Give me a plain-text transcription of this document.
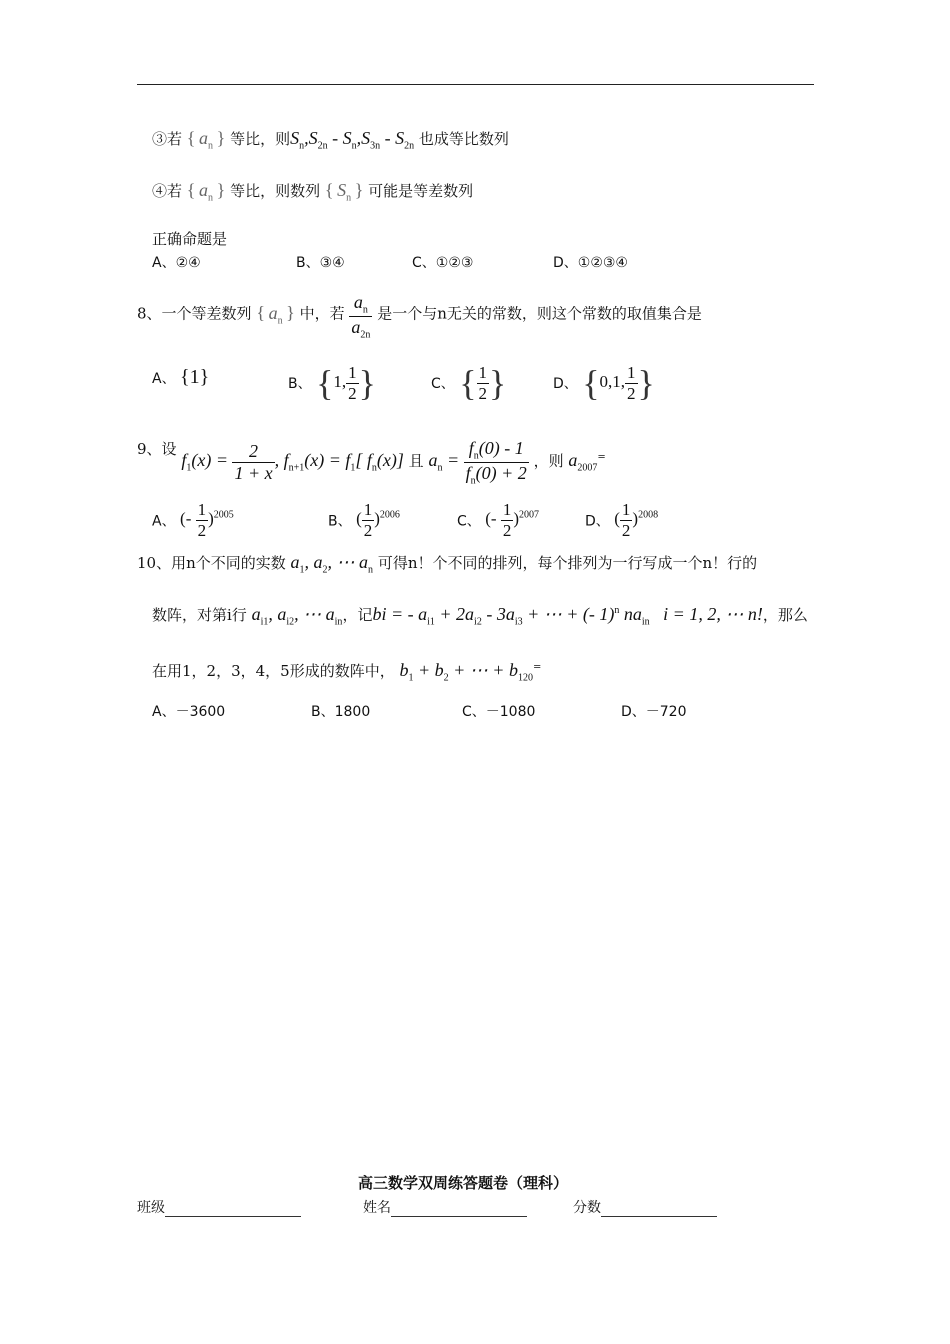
③若 { $a_n$ } 等比，则$S_n,S_{2n} - S_n,S_{3n} - S_{2n}$ 也成等比数列
④若 { $a_n$ } 等比，则数列 { $S_n$ } 可能是等差数列
正确命题是
A、②④	B、③④	C、①②③	D、①②③④
8、一个等差数列 { $a_n$ } 中，若 $\frac{a_n}{a_{2n}}$ 是一个与n无关的常数，则这个常数的取值集合是
A、 {1}	B、 {1, $\frac{1}{2}$ }	C、 { $\frac{1}{2}$ }	D、 {0,1, $\frac{1}{2}$ }
9、设 $f_1(x) = \frac{2}{1 + x}$ , $f_{n+1}(x) = f_1$[ $f_n(x)$] 且 $a_n = \frac{f_n(0) - 1}{f_n(0) + 2}$ ，则 $a_{2007}^=$
A、 (- $\frac{1}{2} )^{2005}$	B、 ( $\frac{1}{2} )^{2006}$	C、 (- $\frac{1}{2} )^{2007}$	D、 ( $\frac{1}{2} )^{2008}$
10、用n个不同的实数 $a_1$, $a_2$, ⋯ $a_n$ 可得n！个不同的排列，每个排列为一行写成一个n！行的
数阵，对第i行 $a_{i1}$, $a_{i2}$, ⋯ $a_{in}$，记bi = - $a_{i1} + 2a_{i2} - 3a_{i3}$ + ⋯ + (- 1)$^n$ $na_{in}$   i = 1, 2, ⋯ n!，那么
在用1，2，3，4，5形成的数阵中， $b_1 + b_2$ + ⋯ + $b_{120}^=$
A、－3600	B、1800	C、－1080	D、－720
高三数学双周练答题卷（理科）
班级	姓名	分数
